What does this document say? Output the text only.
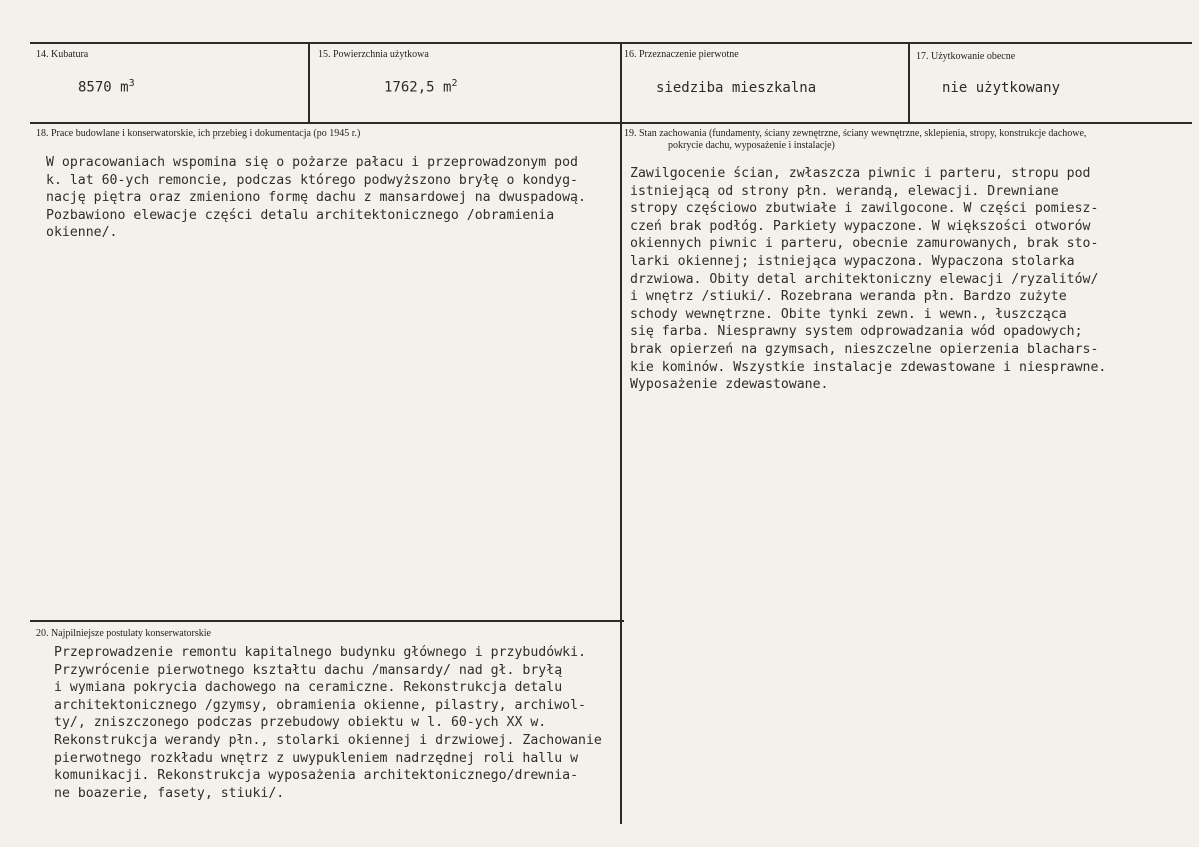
14. Kubatura
8570 $m^3$
15. Powierzchnia użytkowa
1762,5 $m^2$
16. Przeznaczenie pierwotne
siedziba mieszkalna
17. Użytkowanie obecne
nie użytkowany
18. Prace budowlane i konserwatorskie, ich przebieg i dokumentacja (po 1945 r.)
W opracowaniach wspomina się o pożarze pałacu i przeprowadzonym pod
k. lat 60-ych remoncie, podczas którego podwyższono bryłę o kondyg-
nację piętra oraz zmieniono formę dachu z mansardowej na dwuspadową.
Pozbawiono elewacje części detalu architektonicznego /obramienia
okienne/.
19. Stan zachowania (fundamenty, ściany zewnętrzne, ściany wewnętrzne, sklepienia, stropy, konstrukcje dachowe,
pokrycie dachu, wyposażenie i instalacje)
Zawilgocenie ścian, zwłaszcza piwnic i parteru, stropu pod
istniejącą od strony płn. werandą, elewacji. Drewniane
stropy częściowo zbutwiałe i zawilgocone. W części pomiesz-
czeń brak podłóg. Parkiety wypaczone. W większości otworów
okiennych piwnic i parteru, obecnie zamurowanych, brak sto-
larki okiennej; istniejąca wypaczona. Wypaczona stolarka
drzwiowa. Obity detal architektoniczny elewacji /ryzalitów/
i wnętrz /stiuki/. Rozebrana weranda płn. Bardzo zużyte
schody wewnętrzne. Obite tynki zewn. i wewn., łuszcząca
się farba. Niesprawny system odprowadzania wód opadowych;
brak opierzeń na gzymsach, nieszczelne opierzenia blachars-
kie kominów. Wszystkie instalacje zdewastowane i niesprawne.
Wyposażenie zdewastowane.
20. Najpilniejsze postulaty konserwatorskie
Przeprowadzenie remontu kapitalnego budynku głównego i przybudówki.
Przywrócenie pierwotnego kształtu dachu /mansardy/ nad gł. bryłą
i wymiana pokrycia dachowego na ceramiczne. Rekonstrukcja detalu
architektonicznego /gzymsy, obramienia okienne, pilastry, archiwol-
ty/, zniszczonego podczas przebudowy obiektu w l. 60-ych XX w.
Rekonstrukcja werandy płn., stolarki okiennej i drzwiowej. Zachowanie
pierwotnego rozkładu wnętrz z uwypukleniem nadrzędnej roli hallu w
komunikacji. Rekonstrukcja wyposażenia architektonicznego/drewnia-
ne boazerie, fasety, stiuki/.
